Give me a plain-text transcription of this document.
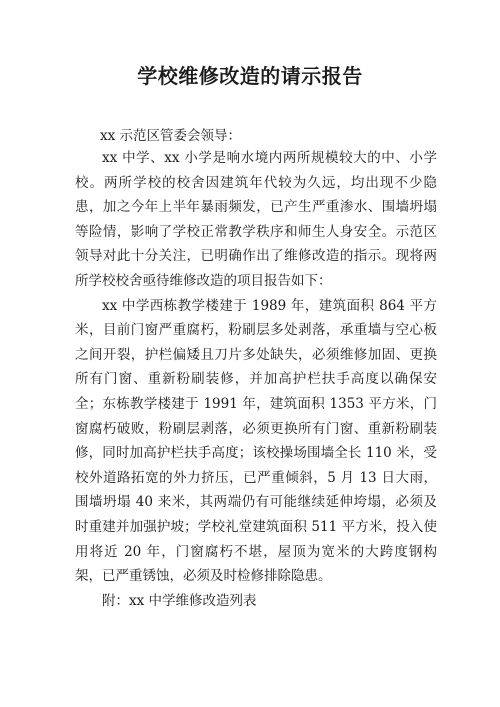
学校维修改造的请示报告

xx 示范区管委会领导：

xx 中学、xx 小学是响水境内两所规模较大的中、小学校。两所学校的校舍因建筑年代较为久远，均出现不少隐患，加之今年上半年暴雨频发，已产生严重渗水、围墙坍塌等险情，影响了学校正常教学秩序和师生人身安全。示范区领导对此十分关注，已明确作出了维修改造的指示。现将两所学校校舍亟待维修改造的项目报告如下：

xx 中学西栋教学楼建于 1989 年，建筑面积 864 平方米，目前门窗严重腐朽，粉刷层多处剥落，承重墙与空心板之间开裂，护栏偏矮且刀片多处缺失，必须维修加固、更换所有门窗、重新粉刷装修，并加高护栏扶手高度以确保安全；东栋教学楼建于 1991 年，建筑面积 1353 平方米，门窗腐朽破败，粉刷层剥落，必须更换所有门窗、重新粉刷装修，同时加高护栏扶手高度；该校操场围墙全长 110 米，受校外道路拓宽的外力挤压，已严重倾斜，5 月 13 日大雨，围墙坍塌 40 来米，其两端仍有可能继续延伸垮塌，必须及时重建并加强护坡；学校礼堂建筑面积 511 平方米，投入使用将近 20 年，门窗腐朽不堪，屋顶为宽米的大跨度钢构架，已严重锈蚀，必须及时检修排除隐患。

附：xx 中学维修改造列表
